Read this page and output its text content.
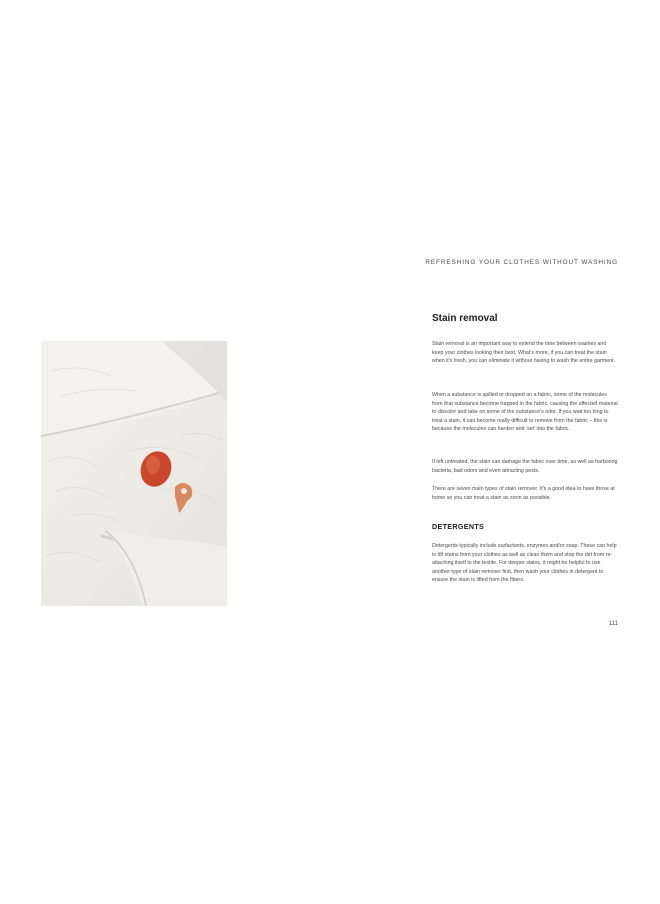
REFRESHING YOUR CLOTHES WITHOUT WASHING
Stain removal

Stain removal is an important way to extend the time between washes and keep your clothes looking their best. What's more, if you can treat the stain when it's fresh, you can eliminate it without having to wash the entire garment.

When a substance is spilled or dropped on a fabric, some of the molecules from that substance become trapped in the fabric, causing the affected material to discolor and take on some of the substance's odor. If you wait too long to treat a stain, it can become really difficult to remove from the fabric – this is because the molecules can harden and 'set' into the fabric.

If left untreated, the stain can damage the fabric over time, as well as harboring bacteria, bad odors and even attracting pests.

There are seven main types of stain remover. It's a good idea to have those at home so you can treat a stain as soon as possible.

DETERGENTS

Detergents typically include surfactants, enzymes and/or soap. These can help to lift stains from your clothes as well as clean them and stop the dirt from re-attaching itself to the textile. For deeper stains, it might be helpful to use another type of stain remover first, then wash your clothes in detergent to ensure the stain is lifted from the fibers.

111
